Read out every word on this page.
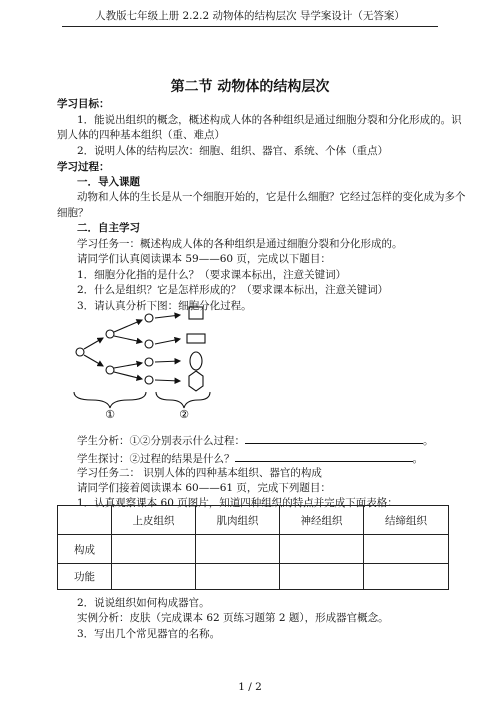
人教版七年级上册 2.2.2 动物体的结构层次 导学案设计（无答案）
第二节 动物体的结构层次
学习目标：
1．能说出组织的概念，概述构成人体的各种组织是通过细胞分裂和分化形成的。识
别人体的四种基本组织（重、难点）
2．说明人体的结构层次：细胞、组织、器官、系统、个体（重点）
学习过程：
一．导入课题
动物和人体的生长是从一个细胞开始的，它是什么细胞？它经过怎样的变化成为多个
细胞？
二．自主学习
学习任务一：概述构成人体的各种组织是通过细胞分裂和分化形成的。
请同学们认真阅读课本 59——60 页，完成以下题目：
1．细胞分化指的是什么？（要求课本标出，注意关键词）
2．什么是组织？它是怎样形成的？（要求课本标出，注意关键词）
3．请认真分析下图：细胞分化过程。
①	②
学生分析：①②分别表示什么过程：	。
学生探讨：②过程的结果是什么？	。
学习任务二： 识别人体的四种基本组织、器官的构成
请同学们接着阅读课本 60——61 页，完成下列题目：
1．认真观察课本 60 页图片，知道四种组织的特点并完成下面表格：
	上皮组织	肌肉组织	神经组织	结缔组织
构成				
功能				
2．说说组织如何构成器官。
实例分析：皮肤（完成课本 62 页练习题第 2 题），形成器官概念。
3．写出几个常见器官的名称。
1 / 2
